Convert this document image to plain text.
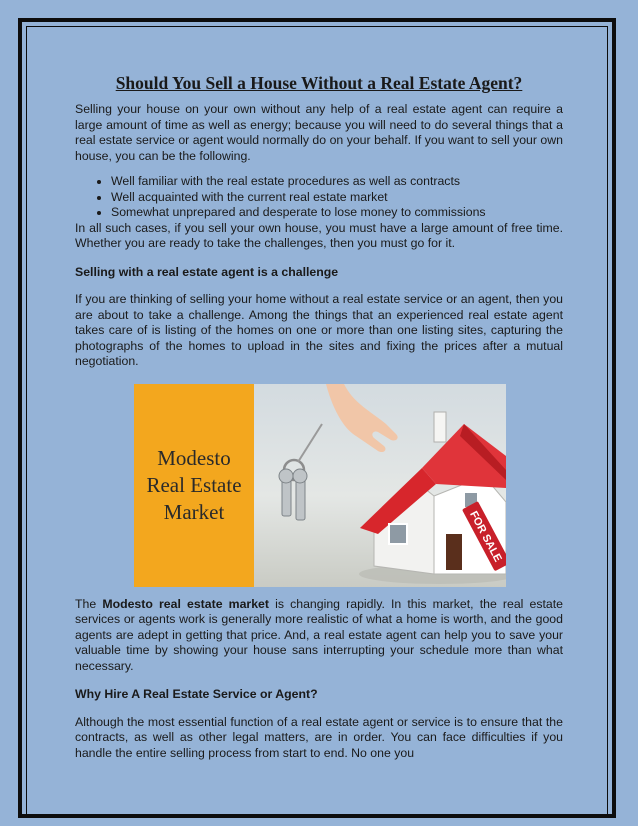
Should You Sell a House Without a Real Estate Agent?

Selling your house on your own without any help of a real estate agent can require a large amount of time as well as energy; because you will need to do several things that a real estate service or agent would normally do on your behalf. If you want to sell your own house, you can be the following.

• Well familiar with the real estate procedures as well as contracts
• Well acquainted with the current real estate market
• Somewhat unprepared and desperate to lose money to commissions

In all such cases, if you sell your own house, you must have a large amount of free time. Whether you are ready to take the challenges, then you must go for it.

Selling with a real estate agent is a challenge

If you are thinking of selling your home without a real estate service or an agent, then you are about to take a challenge. Among the things that an experienced real estate agent takes care of is listing of the homes on one or more than one listing sites, capturing the photographs of the homes to upload in the sites and fixing the prices after a mutual negotiation.

Modesto
Real Estate
Market	FOR SALE

The Modesto real estate market is changing rapidly. In this market, the real estate services or agents work is generally more realistic of what a home is worth, and the good agents are adept in getting that price. And, a real estate agent can help you to save your valuable time by showing your house sans interrupting your schedule more than what necessary.

Why Hire A Real Estate Service or Agent?

Although the most essential function of a real estate agent or service is to ensure that the contracts, as well as other legal matters, are in order. You can face difficulties if you handle the entire selling process from start to end. No one you
